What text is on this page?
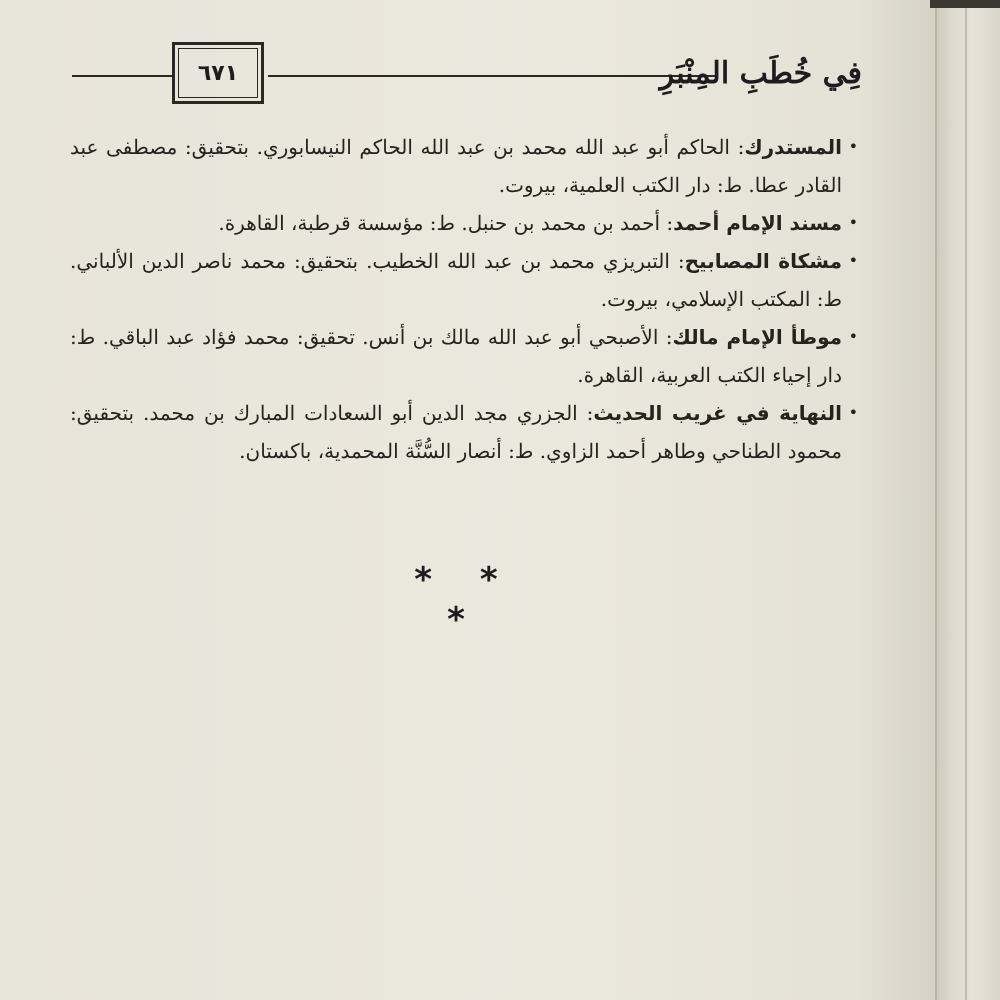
٦٧١	فِي خُطَبِ المِنْبَرِ
•
المستدرك: الحاكم أبو عبد الله محمد بن عبد الله الحاكم النيسابوري. بتحقيق: مصطفى عبد القادر عطا. ط: دار الكتب العلمية، بيروت.
•
مسند الإمام أحمد: أحمد بن محمد بن حنبل. ط: مؤسسة قرطبة، القاهرة.
•
مشكاة المصابيح: التبريزي محمد بن عبد الله الخطيب. بتحقيق: محمد ناصر الدين الألباني. ط: المكتب الإسلامي، بيروت.
•
موطأ الإمام مالك: الأصبحي أبو عبد الله مالك بن أنس. تحقيق: محمد فؤاد عبد الباقي. ط: دار إحياء الكتب العربية، القاهرة.
•
النهاية في غريب الحديث: الجزري مجد الدين أبو السعادات المبارك بن محمد. بتحقيق: محمود الطناحي وطاهر أحمد الزاوي. ط: أنصار السُّنَّة المحمدية، باكستان.
* * *
